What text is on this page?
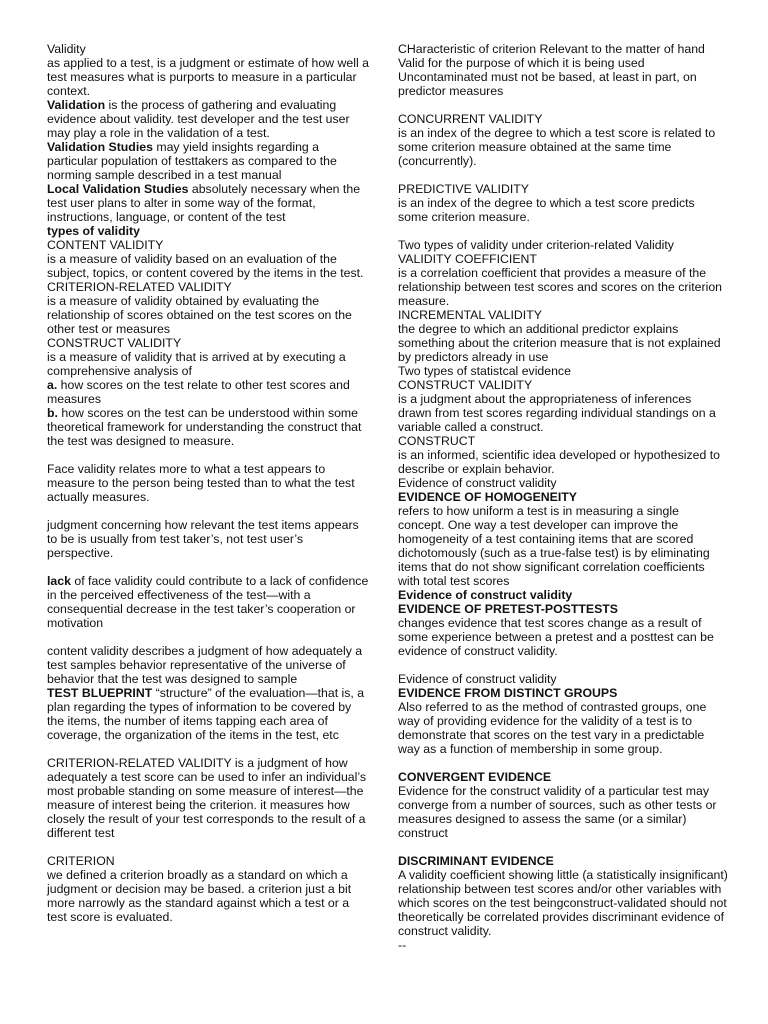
Validity

as applied to a test, is a judgment or estimate of how well a test measures what is purports to measure in a particular context.

Validation is the process of gathering and evaluating evidence about validity. test developer and the test user may play a role in the validation of a test.

Validation Studies may yield insights regarding a particular population of testtakers as compared to the norming sample described in a test manual

Local Validation Studies absolutely necessary when the test user plans to alter in some way of the format, instructions, language, or content of the test

types of validity

CONTENT VALIDITY

is a measure of validity based on an evaluation of the subject, topics, or content covered by the items in the test.

CRITERION-RELATED VALIDITY

is a measure of validity obtained by evaluating the relationship of scores obtained on the test scores on the other test or measures

CONSTRUCT VALIDITY

is a measure of validity that is arrived at by executing a comprehensive analysis of

a. how scores on the test relate to other test scores and measures

b. how scores on the test can be understood within some theoretical framework for understanding the construct that the test was designed to measure.

Face validity relates more to what a test appears to measure to the person being tested than to what the test actually measures.

judgment concerning how relevant the test items appears to be is usually from test taker’s, not test user’s perspective.

lack of face validity could contribute to a lack of confidence in the perceived effectiveness of the test—with a consequential decrease in the test taker’s cooperation or motivation

content validity describes a judgment of how adequately a test samples behavior representative of the universe of behavior that the test was designed to sample

TEST BLUEPRINT “structure” of the evaluation—that is, a plan regarding the types of information to be covered by the items, the number of items tapping each area of coverage, the organization of the items in the test, etc

CRITERION-RELATED VALIDITY is a judgment of how adequately a test score can be used to infer an individual’s most probable standing on some measure of interest—the measure of interest being the criterion. it measures how closely the result of your test corresponds to the result of a different test

CRITERION

we defined a criterion broadly as a standard on which a judgment or decision may be based. a criterion just a bit more narrowly as the standard against which a test or a test score is evaluated.

CHaracteristic of criterion Relevant to the matter of hand Valid for the purpose of which it is being used Uncontaminated must not be based, at least in part, on predictor measures

CONCURRENT VALIDITY

is an index of the degree to which a test score is related to some criterion measure obtained at the same time (concurrently).

PREDICTIVE VALIDITY

is an index of the degree to which a test score predicts some criterion measure.

Two types of validity under criterion-related Validity

VALIDITY COEFFICIENT

is a correlation coefficient that provides a measure of the relationship between test scores and scores on the criterion measure.

INCREMENTAL VALIDITY

the degree to which an additional predictor explains something about the criterion measure that is not explained by predictors already in use

Two types of statistcal evidence

CONSTRUCT VALIDITY

is a judgment about the appropriateness of inferences drawn from test scores regarding individual standings on a variable called a construct.

CONSTRUCT

is an informed, scientific idea developed or hypothesized to describe or explain behavior.

Evidence of construct validity

EVIDENCE OF HOMOGENEITY

refers to how uniform a test is in measuring a single concept. One way a test developer can improve the homogeneity of a test containing items that are scored dichotomously (such as a true-false test) is by eliminating items that do not show significant correlation coefficients with total test scores

Evidence of construct validity

EVIDENCE OF PRETEST-POSTTESTS

changes evidence that test scores change as a result of some experience between a pretest and a posttest can be evidence of construct validity.

Evidence of construct validity

EVIDENCE FROM DISTINCT GROUPS

Also referred to as the method of contrasted groups, one way of providing evidence for the validity of a test is to demonstrate that scores on the test vary in a predictable way as a function of membership in some group.

CONVERGENT EVIDENCE

Evidence for the construct validity of a particular test may converge from a number of sources, such as other tests or measures designed to assess the same (or a similar) construct

DISCRIMINANT EVIDENCE

A validity coefficient showing little (a statistically insignificant) relationship between test scores and/or other variables with which scores on the test beingconstruct-validated should not theoretically be correlated provides discriminant evidence of construct validity.

--
